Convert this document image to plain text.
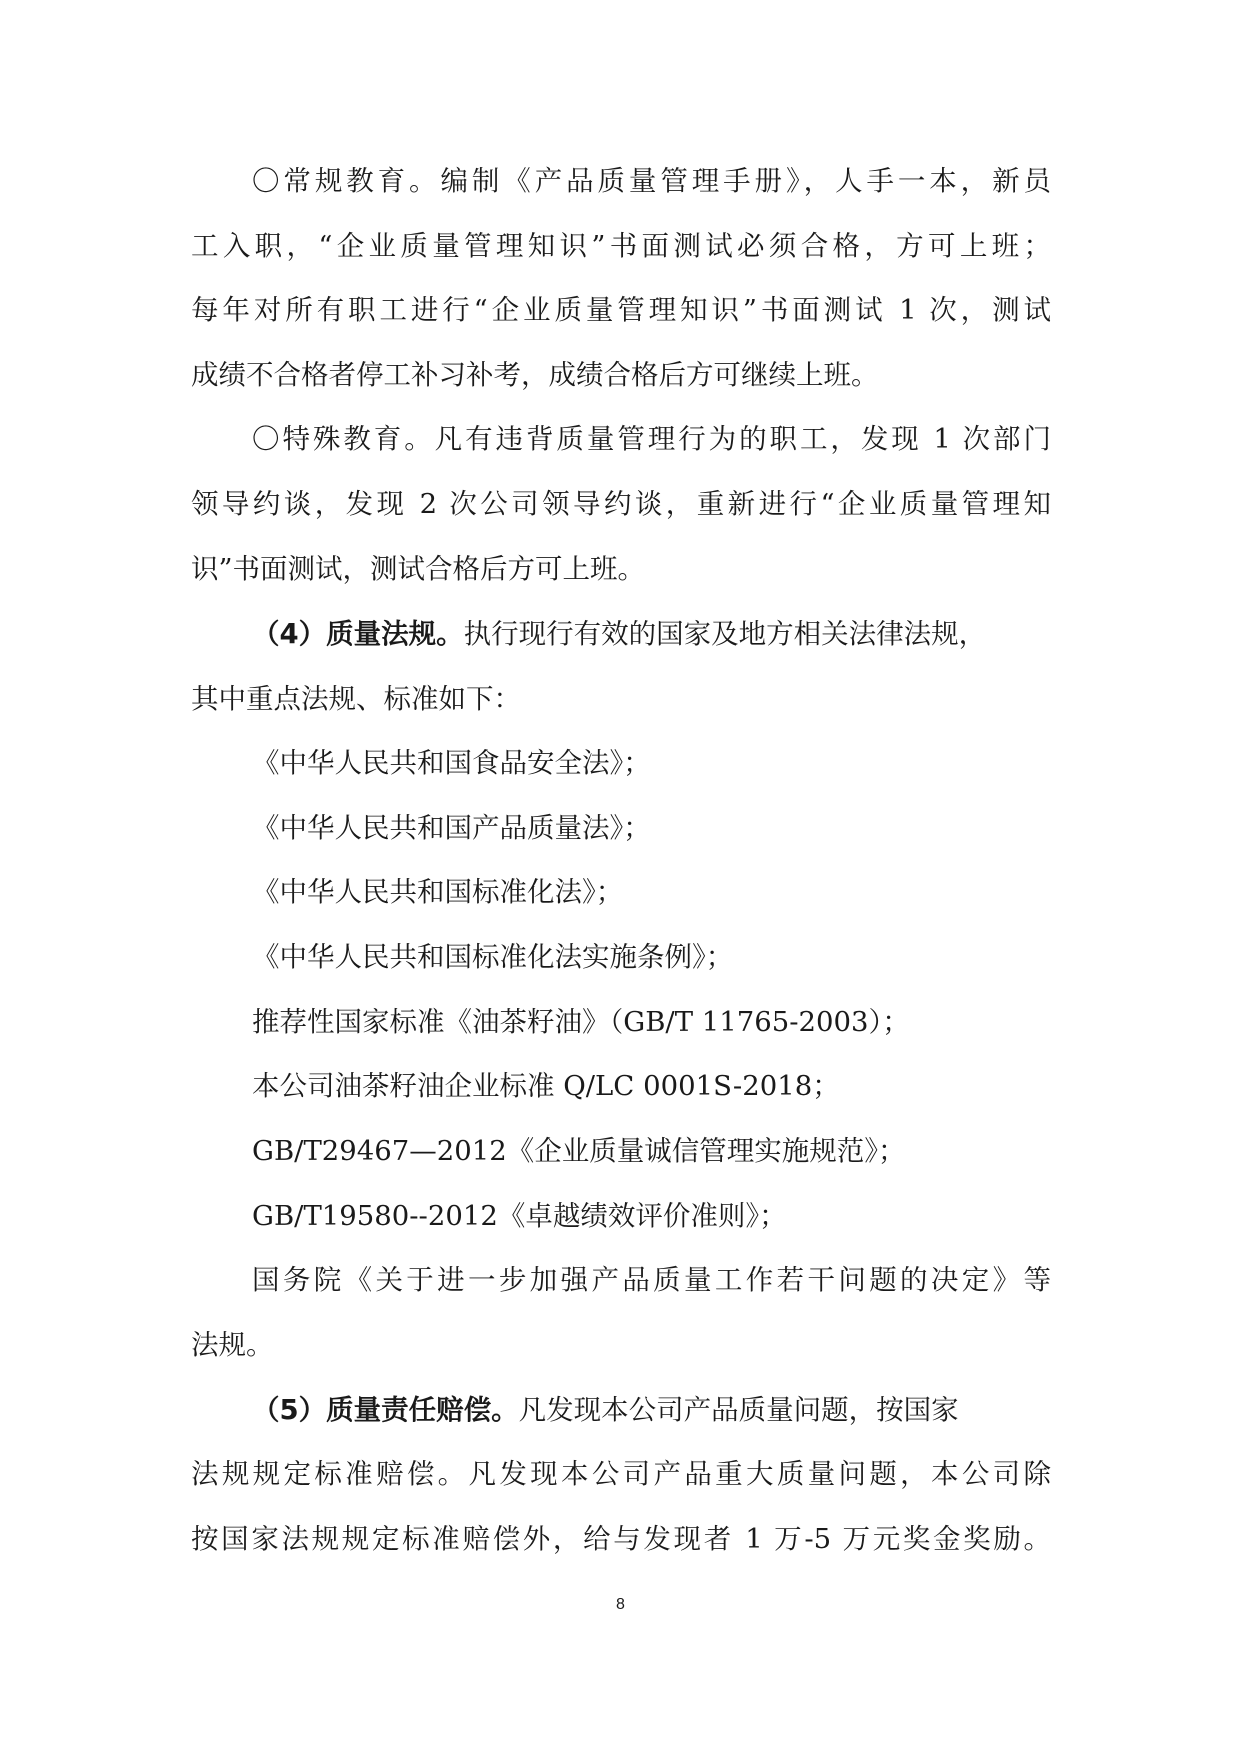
〇常规教育。编制《产品质量管理手册》，人手一本，新员
工入职，“企业质量管理知识”书面测试必须合格，方可上班；
每年对所有职工进行“企业质量管理知识”书面测试 1 次，测试
成绩不合格者停工补习补考，成绩合格后方可继续上班。
〇特殊教育。凡有违背质量管理行为的职工，发现 1 次部门
领导约谈，发现 2 次公司领导约谈，重新进行“企业质量管理知
识”书面测试，测试合格后方可上班。
（4）质量法规。执行现行有效的国家及地方相关法律法规，
其中重点法规、标准如下：
《中华人民共和国食品安全法》；
《中华人民共和国产品质量法》；
《中华人民共和国标准化法》；
《中华人民共和国标准化法实施条例》；
推荐性国家标准《油茶籽油》（GB/T 11765-2003）；
本公司油茶籽油企业标准 Q/LC 0001S-2018；
GB/T29467—2012《企业质量诚信管理实施规范》；
GB/T19580--2012《卓越绩效评价准则》；
国务院《关于进一步加强产品质量工作若干问题的决定》等
法规。
（5）质量责任赔偿。凡发现本公司产品质量问题，按国家
法规规定标准赔偿。凡发现本公司产品重大质量问题，本公司除
按国家法规规定标准赔偿外，给与发现者 1 万-5 万元奖金奖励。
8
